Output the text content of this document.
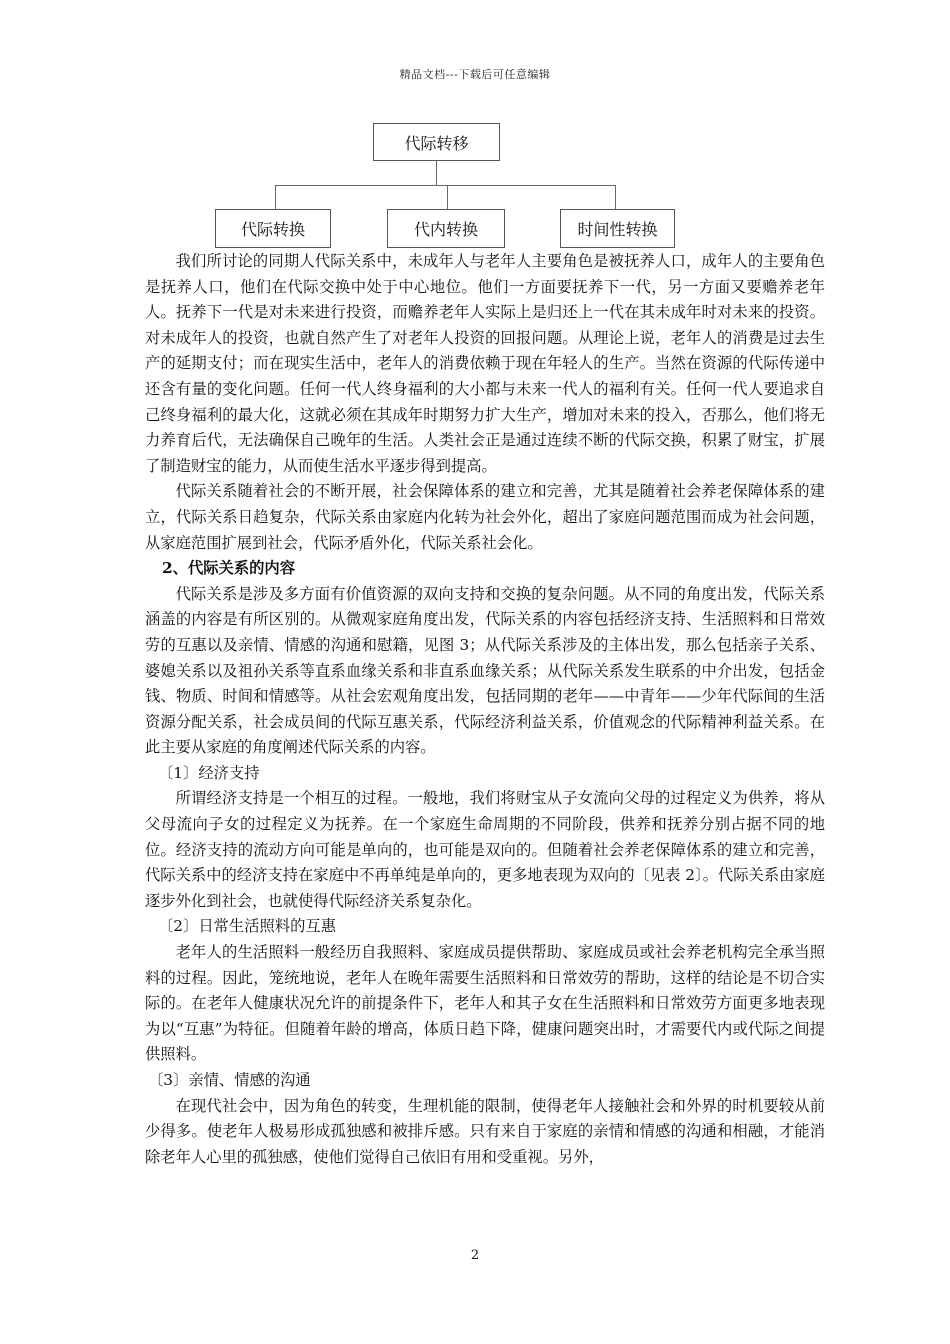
精品文档---下载后可任意编辑
代际转移
代际转换	代内转换	时间性转换

我们所讨论的同期人代际关系中，未成年人与老年人主要角色是被抚养人口，成年人的主要角色是抚养人口，他们在代际交换中处于中心地位。他们一方面要抚养下一代，另一方面又要赡养老年人。抚养下一代是对未来进行投资，而赡养老年人实际上是归还上一代在其未成年时对未来的投资。对未成年人的投资，也就自然产生了对老年人投资的回报问题。从理论上说，老年人的消费是过去生产的延期支付；而在现实生活中，老年人的消费依赖于现在年轻人的生产。当然在资源的代际传递中还含有量的变化问题。任何一代人终身福利的大小都与未来一代人的福利有关。任何一代人要追求自己终身福利的最大化，这就必须在其成年时期努力扩大生产，增加对未来的投入，否那么，他们将无力养育后代，无法确保自己晚年的生活。人类社会正是通过连续不断的代际交换，积累了财宝，扩展了制造财宝的能力，从而使生活水平逐步得到提高。

代际关系随着社会的不断开展，社会保障体系的建立和完善，尤其是随着社会养老保障体系的建立，代际关系日趋复杂，代际关系由家庭内化转为社会外化，超出了家庭问题范围而成为社会问题，从家庭范围扩展到社会，代际矛盾外化，代际关系社会化。

2、代际关系的内容

代际关系是涉及多方面有价值资源的双向支持和交换的复杂问题。从不同的角度出发，代际关系涵盖的内容是有所区别的。从微观家庭角度出发，代际关系的内容包括经济支持、生活照料和日常效劳的互惠以及亲情、情感的沟通和慰籍，见图 3；从代际关系涉及的主体出发，那么包括亲子关系、婆媳关系以及祖孙关系等直系血缘关系和非直系血缘关系；从代际关系发生联系的中介出发，包括金钱、物质、时间和情感等。从社会宏观角度出发，包括同期的老年——中青年——少年代际间的生活资源分配关系，社会成员间的代际互惠关系，代际经济利益关系，价值观念的代际精神利益关系。在此主要从家庭的角度阐述代际关系的内容。

〔1〕经济支持

所谓经济支持是一个相互的过程。一般地，我们将财宝从子女流向父母的过程定义为供养，将从父母流向子女的过程定义为抚养。在一个家庭生命周期的不同阶段，供养和抚养分别占据不同的地位。经济支持的流动方向可能是单向的，也可能是双向的。但随着社会养老保障体系的建立和完善，代际关系中的经济支持在家庭中不再单纯是单向的，更多地表现为双向的〔见表 2〕。代际关系由家庭逐步外化到社会，也就使得代际经济关系复杂化。

〔2〕日常生活照料的互惠

老年人的生活照料一般经历自我照料、家庭成员提供帮助、家庭成员或社会养老机构完全承当照料的过程。因此，笼统地说，老年人在晚年需要生活照料和日常效劳的帮助，这样的结论是不切合实际的。在老年人健康状况允许的前提条件下，老年人和其子女在生活照料和日常效劳方面更多地表现为以“互惠”为特征。但随着年龄的增高，体质日趋下降，健康问题突出时，才需要代内或代际之间提供照料。

〔3〕亲情、情感的沟通

在现代社会中，因为角色的转变，生理机能的限制，使得老年人接触社会和外界的时机要较从前少得多。使老年人极易形成孤独感和被排斥感。只有来自于家庭的亲情和情感的沟通和相融，才能消除老年人心里的孤独感，使他们觉得自己依旧有用和受重视。另外，

2
